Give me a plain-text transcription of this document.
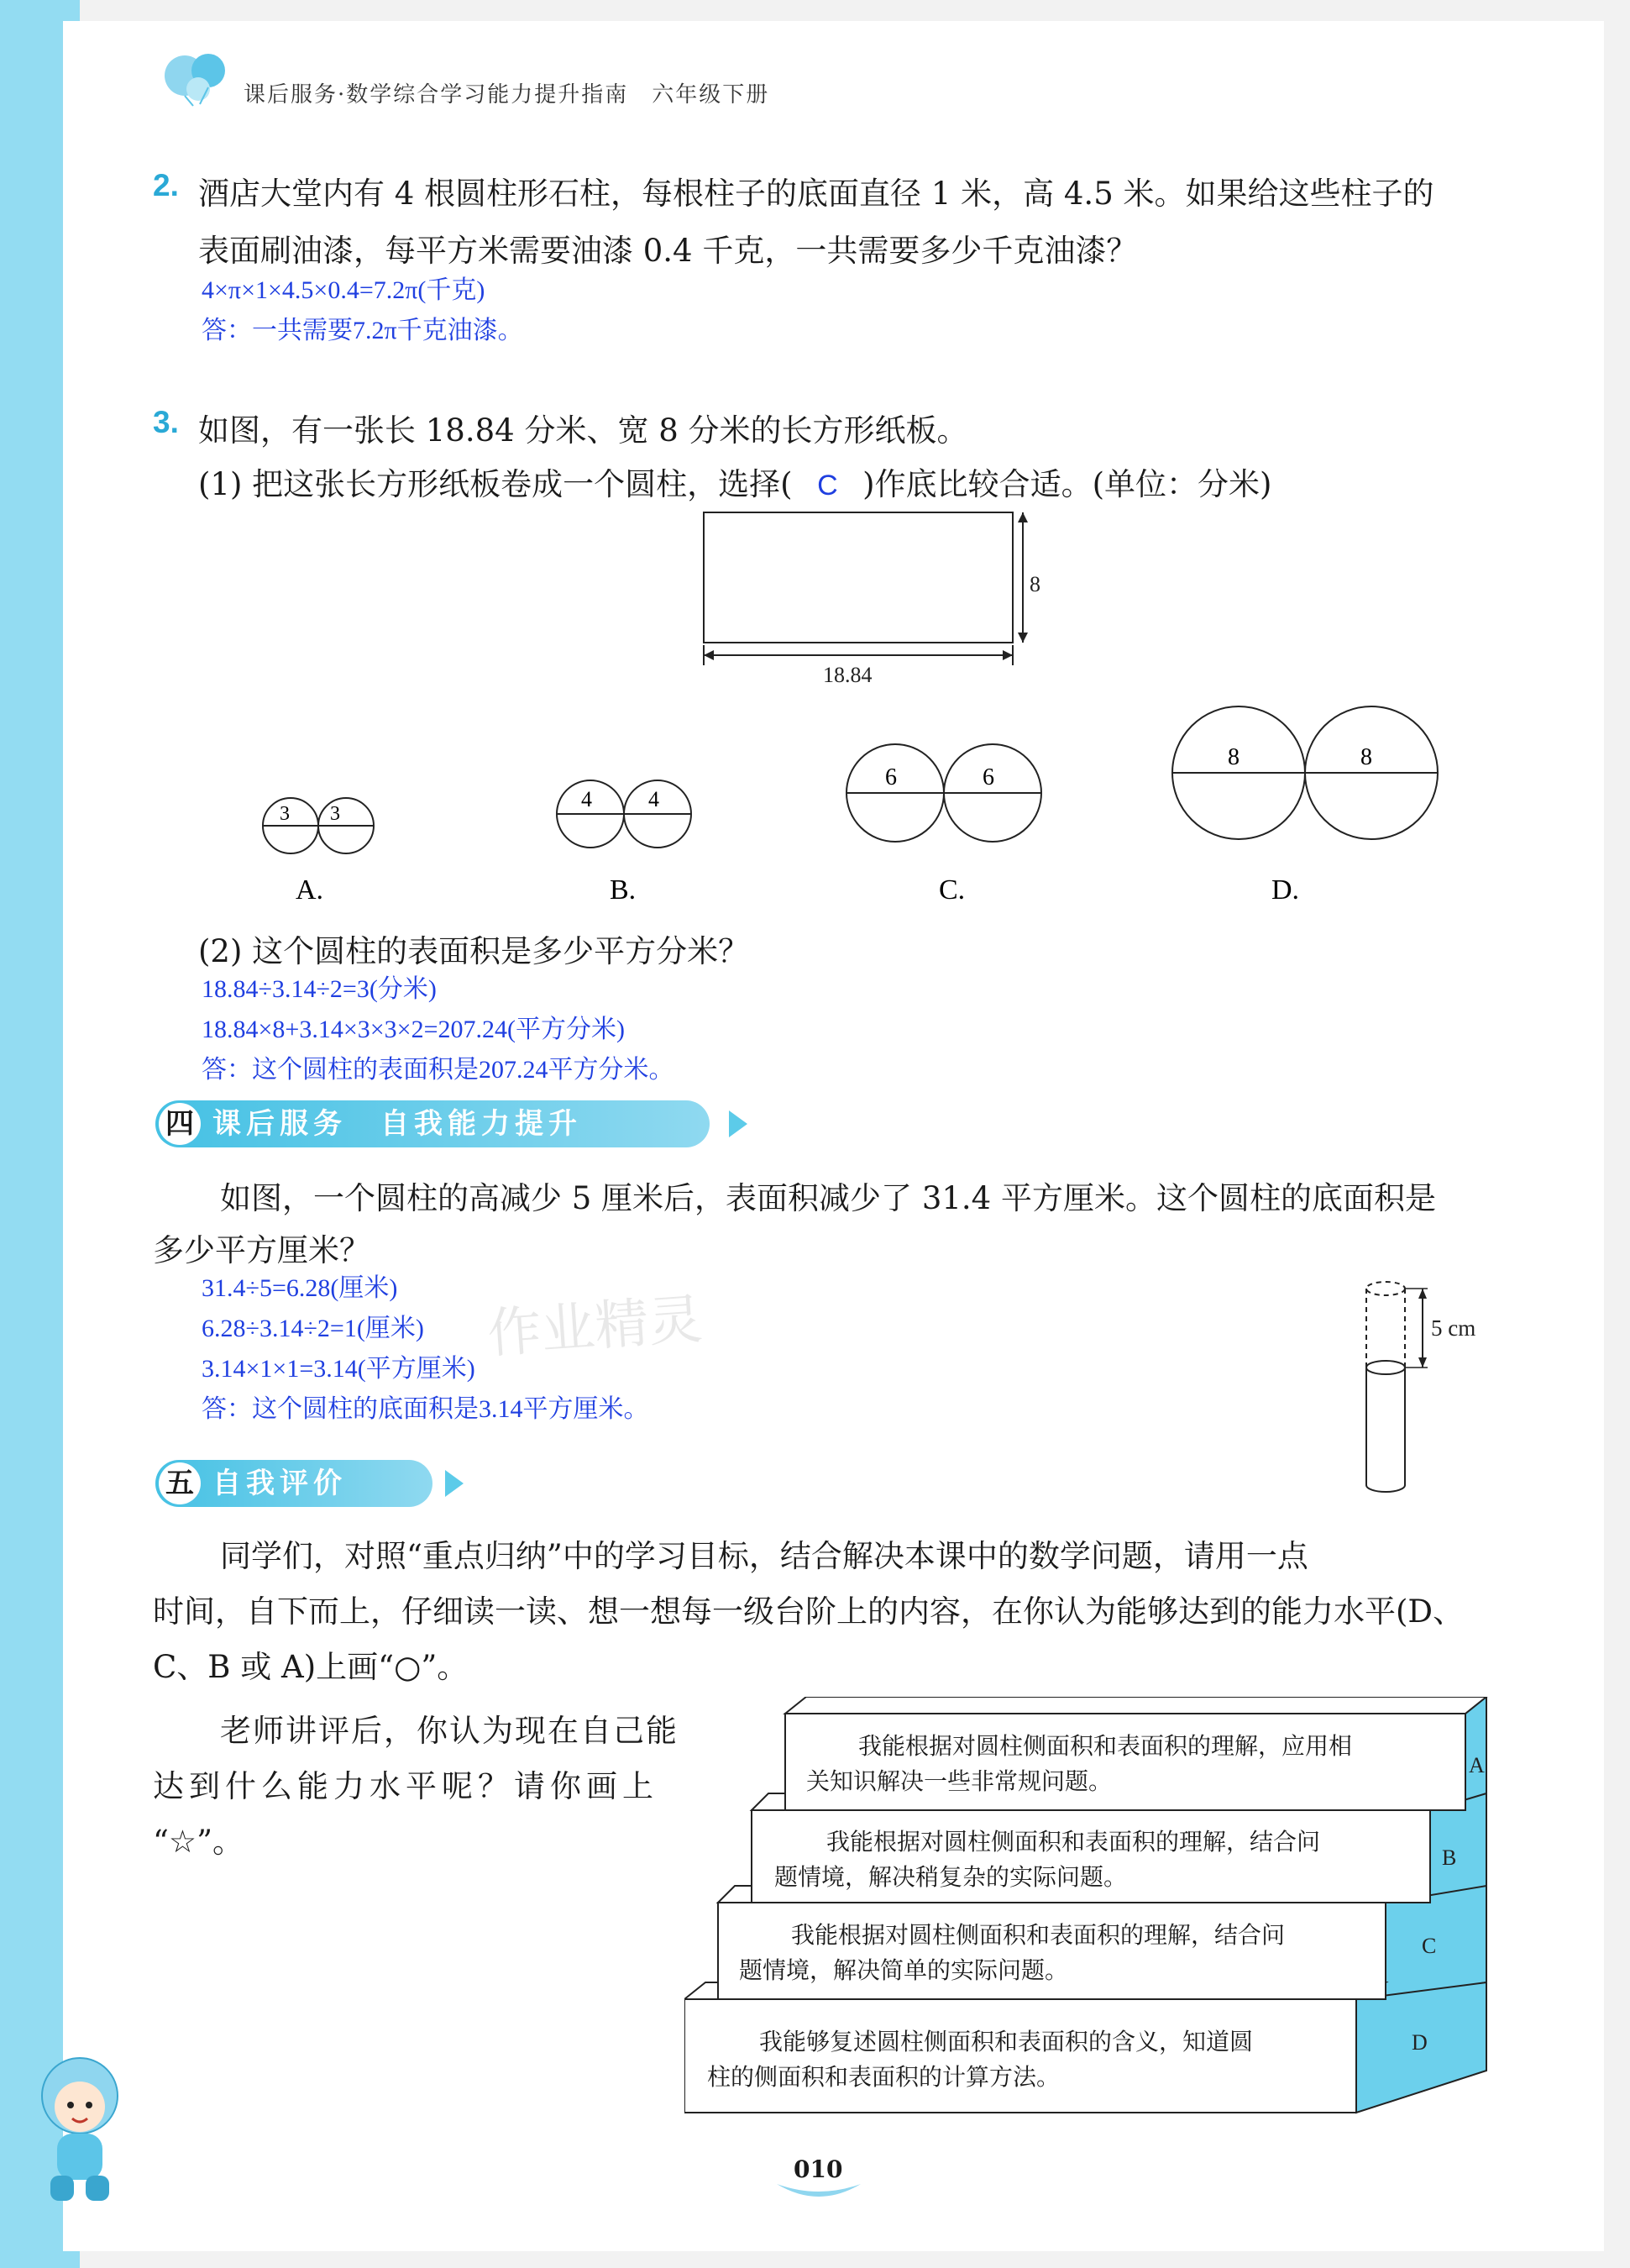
课后服务·数学综合学习能力提升指南　六年级下册
2. 酒店大堂内有 4 根圆柱形石柱，每根柱子的底面直径 1 米，高 4.5 米。如果给这些柱子的
表面刷油漆，每平方米需要油漆 0.4 千克，一共需要多少千克油漆？
4×π×1×4.5×0.4=7.2π(千克)
答：一共需要7.2π千克油漆。
3. 如图，有一张长 18.84 分米、宽 8 分米的长方形纸板。
(1) 把这张长方形纸板卷成一个圆柱，选择( C )作底比较合适。(单位：分米)
8
18.84
3 3
A.
4	4
B.
6	6
C.
8	8
D.
(2) 这个圆柱的表面积是多少平方分米？
18.84÷3.14÷2=3(分米)
18.84×8+3.14×3×3×2=207.24(平方分米)
答：这个圆柱的表面积是207.24平方分米。
四 课后服务　自我能力提升
如图，一个圆柱的高减少 5 厘米后，表面积减少了 31.4 平方厘米。这个圆柱的底面积是
多少平方厘米？
31.4÷5=6.28(厘米)
6.28÷3.14÷2=1(厘米)
3.14×1×1=3.14(平方厘米)
答：这个圆柱的底面积是3.14平方厘米。
5 cm
五 自我评价
同学们，对照“重点归纳”中的学习目标，结合解决本课中的数学问题，请用一点
时间，自下而上，仔细读一读、想一想每一级台阶上的内容，在你认为能够达到的能力水平(D、
C、B 或 A)上画“○”。
老师讲评后，你认为现在自己能
达到什么能力水平呢？请你画上
“☆”。
A
B
C
D
我能根据对圆柱侧面积和表面积的理解，应用相
关知识解决一些非常规问题。
我能根据对圆柱侧面积和表面积的理解，结合问
题情境，解决稍复杂的实际问题。
我能根据对圆柱侧面积和表面积的理解，结合问
题情境，解决简单的实际问题。
我能够复述圆柱侧面积和表面积的含义，知道圆
柱的侧面积和表面积的计算方法。
010
作业精灵
